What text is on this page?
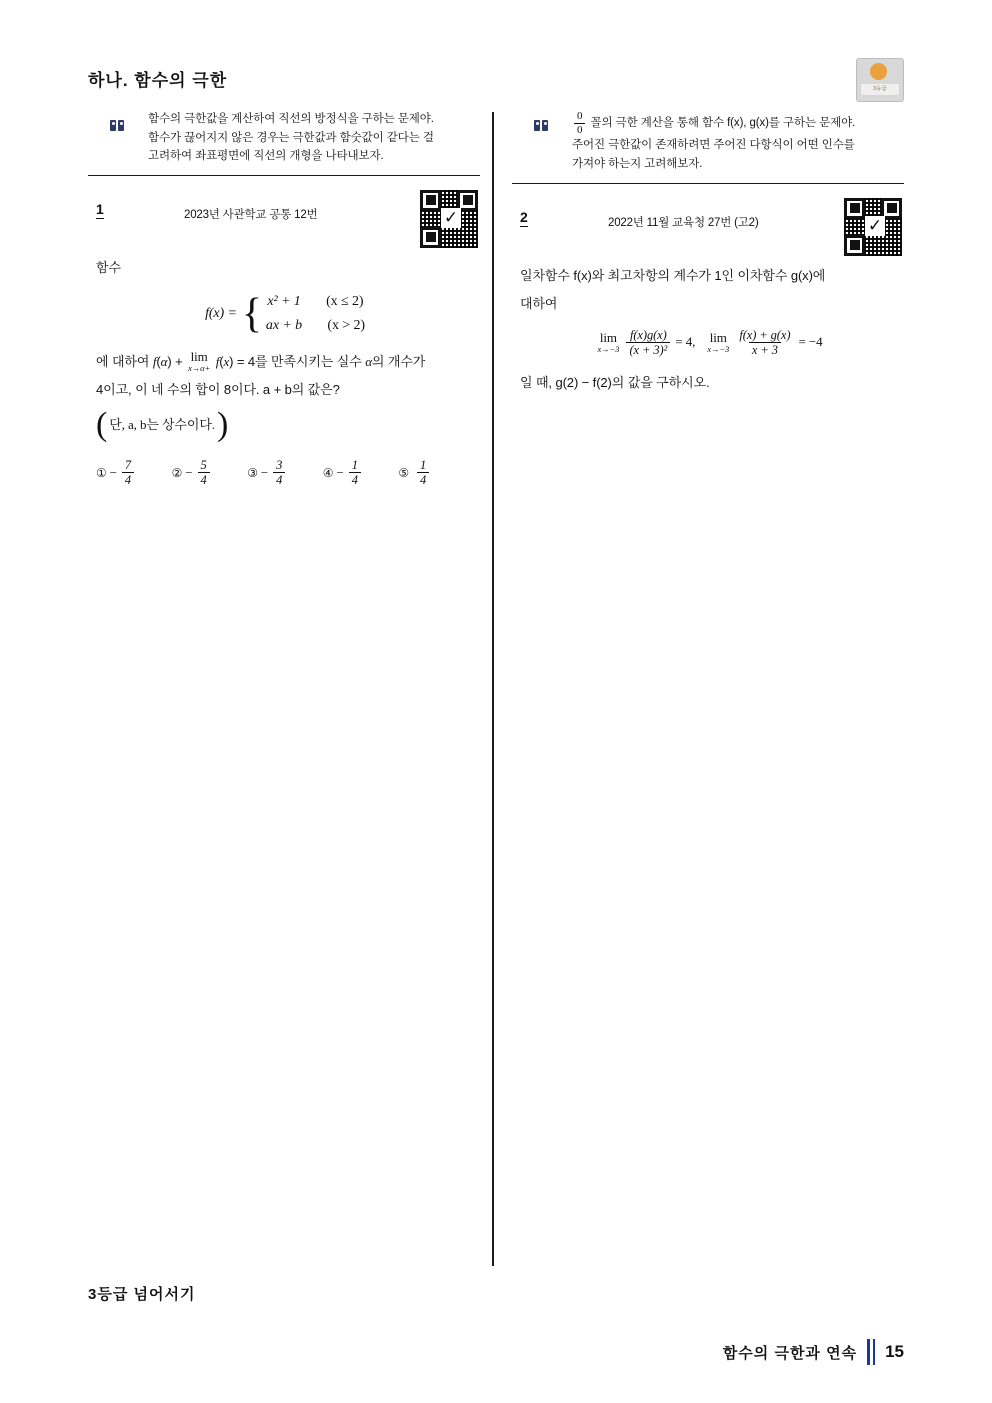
하나. 함수의 극한	3등급
함수의 극한값을 계산하여 직선의 방정식을 구하는 문제야.
함수가 끊어지지 않은 경우는 극한값과 함숫값이 같다는 걸
고려하여 좌표평면에 직선의 개형을 나타내보자.
1	2023년 사관학교 공통 12번	✓
함수
f(x) = { x² + 1 (x ≤ 2)
ax + b (x > 2)
에 대하여 f(α) + lim
x→α+ f(x) = 4를 만족시키는 실수 α의 개수가
4이고, 이 네 수의 합이 8이다. a + b의 값은?
( 단, a, b는 상수이다. )
① − $\frac{7}{4}$	② − $\frac{5}{4}$	③ − $\frac{3}{4}$	④ − $\frac{1}{4}$	⑤ $\frac{1}{4}$
$\frac{0}{0}$ 꼴의 극한 계산을 통해 함수 f(x), g(x)를 구하는 문제야.
주어진 극한값이 존재하려면 주어진 다항식이 어떤 인수를
가져야 하는지 고려해보자.
2	2022년 11월 교육청 27번 (고2)	✓
일차함수 f(x)와 최고차항의 계수가 1인 이차함수 g(x)에
대하여
lim
x→−3
$\frac{f(x)g(x)}{\text{(x + 3)²}} = 4$, lim
x→−3
$\frac{f(x) + g(x)}{x + 3} = -4$
일 때, g(2) − f(2)의 값을 구하시오.
3등급 넘어서기
함수의 극한과 연속 15
